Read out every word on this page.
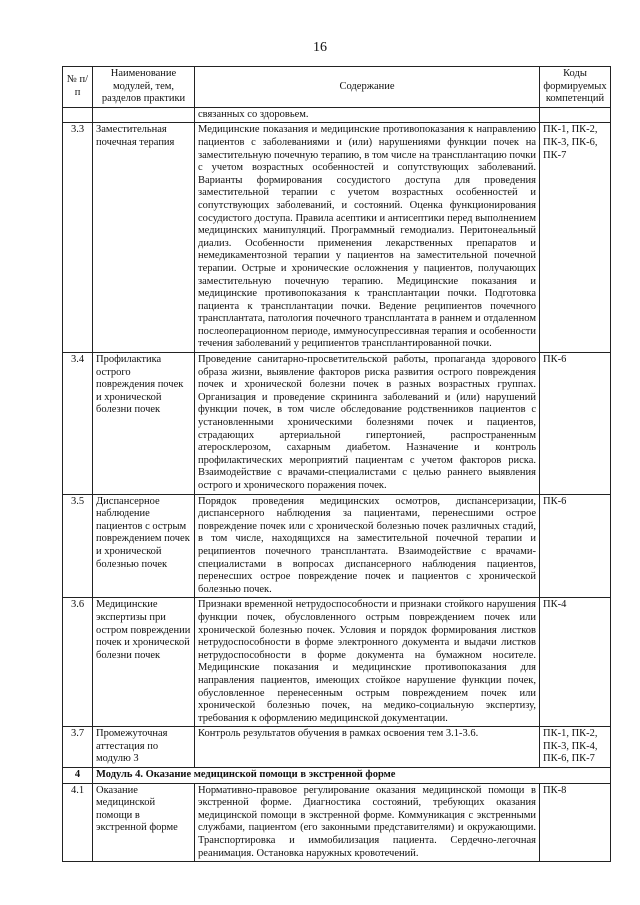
16
№ п/п	Наименование модулей, тем, разделов практики	Содержание	Коды формируемых компетенций
		связанных со здоровьем.	
3.3	Заместительная почечная терапия	Медицинские показания и медицинские противопоказания к направлению пациентов с заболеваниями и (или) нарушениями функции почек на заместительную почечную терапию, в том числе на трансплантацию почки с учетом возрастных особенностей и сопутствующих заболеваний. Варианты формирования сосудистого доступа для проведения заместительной терапии с учетом возрастных особенностей и сопутствующих заболеваний, и состояний. Оценка функционирования сосудистого доступа. Правила асептики и антисептики перед выполнением медицинских манипуляций. Программный гемодиализ. Перитонеальный диализ. Особенности применения лекарственных препаратов и немедикаментозной терапии у пациентов на заместительной почечной терапии. Острые и хронические осложнения у пациентов, получающих заместительную почечную терапию. Медицинские показания и медицинские противопоказания к трансплантации почки. Подготовка пациента к трансплантации почки. Ведение реципиентов почечного трансплантата, патология почечного трансплантата в раннем и отдаленном послеоперационном периоде, иммуносупрессивная терапия и особенности течения заболеваний у реципиентов трансплантированной почки.	ПК-1, ПК-2, ПК-3, ПК-6, ПК-7
3.4	Профилактика острого повреждения почек и хронической болезни почек	Проведение санитарно-просветительской работы, пропаганда здорового образа жизни, выявление факторов риска развития острого повреждения почек и хронической болезни почек в разных возрастных группах. Организация и проведение скрининга заболеваний и (или) нарушений функции почек, в том числе обследование родственников пациентов с установленными хроническими болезнями почек и пациентов, страдающих артериальной гипертонией, распространенным атеросклерозом, сахарным диабетом. Назначение и контроль профилактических мероприятий пациентам с учетом факторов риска. Взаимодействие с врачами-специалистами с целью раннего выявления острого и хронического поражения почек.	ПК-6
3.5	Диспансерное наблюдение пациентов с острым повреждением почек и хронической болезнью почек	Порядок проведения медицинских осмотров, диспансеризации, диспансерного наблюдения за пациентами, перенесшими острое повреждение почек или с хронической болезнью почек различных стадий, в том числе, находящихся на заместительной почечной терапии и реципиентов почечного трансплантата. Взаимодействие с врачами-специалистами в вопросах диспансерного наблюдения пациентов, перенесших острое повреждение почек и пациентов с хронической болезнью почек.	ПК-6
3.6	Медицинские экспертизы при остром повреждении почек и хронической болезни почек	Признаки временной нетрудоспособности и признаки стойкого нарушения функции почек, обусловленного острым повреждением почек или хронической болезнью почек. Условия и порядок формирования листков нетрудоспособности в форме электронного документа и выдачи листков нетрудоспособности в форме документа на бумажном носителе. Медицинские показания и медицинские противопоказания для направления пациентов, имеющих стойкое нарушение функции почек, обусловленное перенесенным острым повреждением почек или хронической болезнью почек, на медико-социальную экспертизу, требования к оформлению медицинской документации.	ПК-4
3.7	Промежуточная аттестация по модулю 3	Контроль результатов обучения в рамках освоения тем 3.1-3.6.	ПК-1, ПК-2, ПК-3, ПК-4, ПК-6, ПК-7
4	Модуль 4. Оказание медицинской помощи в экстренной форме		
4.1	Оказание медицинской помощи в экстренной форме	Нормативно-правовое регулирование оказания медицинской помощи в экстренной форме. Диагностика состояний, требующих оказания медицинской помощи в экстренной форме. Коммуникация с экстренными службами, пациентом (его законными представителями) и окружающими. Транспортировка и иммобилизация пациента. Сердечно-легочная реанимация. Остановка наружных кровотечений.	ПК-8
